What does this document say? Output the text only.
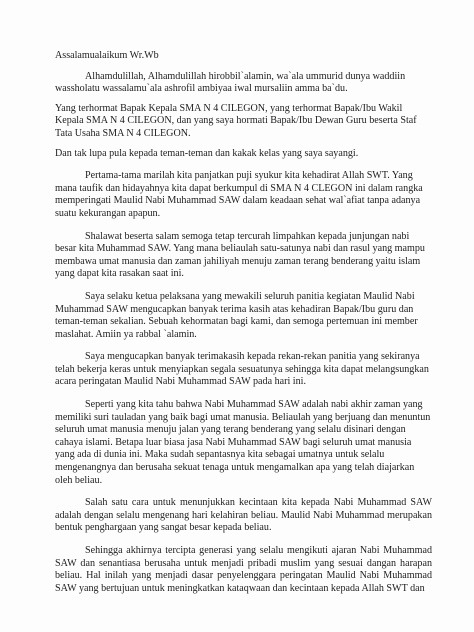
Assalamualaikum Wr.Wb

Alhamdulillah, Alhamdulillah hirobbil`alamin, wa`ala ummurid dunya waddiin wassholatu wassalamu`ala ashrofil ambiyaa iwal mursaliin amma ba`du.

Yang terhormat Bapak Kepala SMA N 4 CILEGON, yang terhormat Bapak/Ibu Wakil Kepala SMA N 4 CILEGON, dan yang saya hormati Bapak/Ibu Dewan Guru beserta Staf Tata Usaha SMA N 4 CILEGON.

Dan tak lupa pula kepada teman-teman dan kakak kelas yang saya sayangi.

Pertama-tama marilah kita panjatkan puji syukur kita kehadirat Allah SWT. Yang mana taufik dan hidayahnya kita dapat berkumpul di SMA N 4 CLEGON ini dalam rangka memperingati Maulid Nabi Muhammad SAW dalam keadaan sehat wal`afiat tanpa adanya suatu kekurangan apapun.

Shalawat beserta salam semoga tetap tercurah limpahkan kepada junjungan nabi besar kita Muhammad SAW. Yang mana beliaulah satu-satunya nabi dan rasul yang mampu membawa umat manusia dan zaman jahiliyah menuju zaman terang benderang yaitu islam yang dapat kita rasakan saat ini.

Saya selaku ketua pelaksana yang mewakili seluruh panitia kegiatan Maulid Nabi Muhammad SAW mengucapkan banyak terima kasih atas kehadiran Bapak/Ibu guru dan teman-teman sekalian. Sebuah kehormatan bagi kami, dan semoga pertemuan ini member maslahat. Amiin ya rabbal `alamin.

Saya mengucapkan banyak terimakasih kepada rekan-rekan panitia yang sekiranya telah bekerja keras untuk menyiapkan segala sesuatunya sehingga kita dapat melangsungkan acara peringatan Maulid Nabi Muhammad SAW pada hari ini.

Seperti yang kita tahu bahwa Nabi Muhammad SAW adalah nabi akhir zaman yang memiliki suri tauladan yang baik bagi umat manusia. Beliaulah yang berjuang dan menuntun seluruh umat manusia menuju jalan yang terang benderang yang selalu disinari dengan cahaya islami. Betapa luar biasa jasa Nabi Muhammad SAW bagi seluruh umat manusia yang ada di dunia ini. Maka sudah sepantasnya kita sebagai umatnya untuk selalu mengenangnya dan berusaha sekuat tenaga untuk mengamalkan apa yang telah diajarkan oleh beliau.

Salah satu cara untuk menunjukkan kecintaan kita kepada Nabi Muhammad SAW adalah dengan selalu mengenang hari kelahiran beliau. Maulid Nabi Muhammad merupakan bentuk penghargaan yang sangat besar kepada beliau.

Sehingga akhirnya tercipta generasi yang selalu mengikuti ajaran Nabi Muhammad SAW dan senantiasa berusaha untuk menjadi pribadi muslim yang sesuai dangan harapan beliau. Hal inilah yang menjadi dasar penyelenggara peringatan Maulid Nabi Muhammad SAW yang bertujuan untuk meningkatkan kataqwaan dan kecintaan kepada Allah SWT dan
